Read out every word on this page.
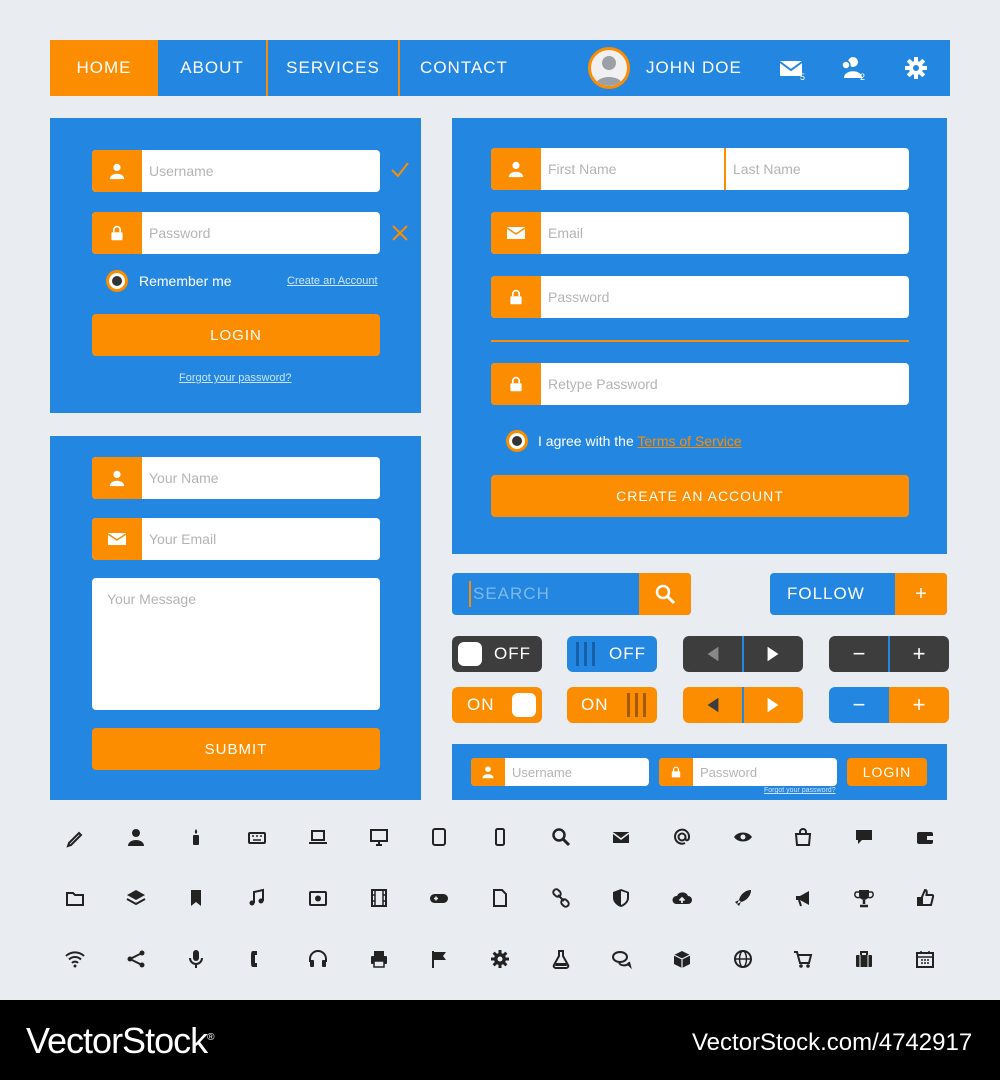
HOME	ABOUT	SERVICES	CONTACT	JOHN DOE	5	2
Username
Password
Remember me	Create an Account
LOGIN
Forgot your password?
Your Name
Your Email
Your Message
SUBMIT
First Name	Last Name
Email
Password
Retype Password
I agree with the Terms of Service
CREATE AN ACCOUNT
SEARCH	FOLLOW	+
OFF	OFF
ON	ON
−	+
−	+
Username	Password	LOGIN
Forgot your password?
VectorStock®	VectorStock.com/4742917
